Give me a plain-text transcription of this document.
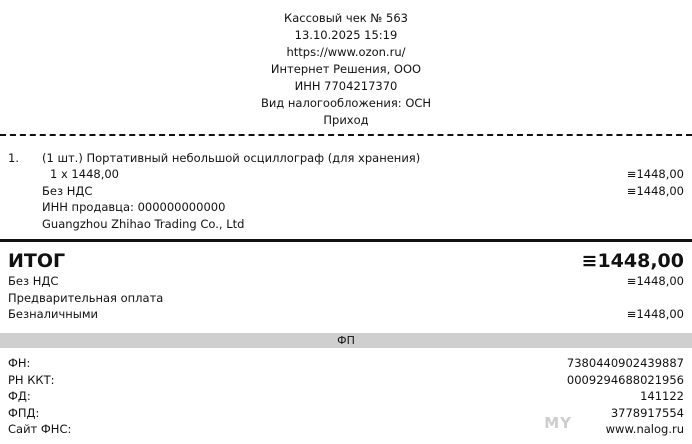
Кассовый чек № 563
13.10.2025 15:19
https://www.ozon.ru/
Интернет Решения, ООО
ИНН 7704217370
Вид налогообложения: ОСН
Приход
1. (1 шт.) Портативный небольшой осциллограф (для хранения)
1 x 1448,00	≡ 1448,00
Без НДС	≡ 1448,00
ИНН продавца: 000000000000
Guangzhou Zhihao Trading Co., Ltd
ИТОГ	≡ 1448,00
Без НДС	≡ 1448,00
Предварительная оплата
Безналичными	≡ 1448,00
ФП
ФН:	7380440902439887
РН ККТ:	0009294688021956
ФД:	141122
ФПД:	3778917554
Сайт ФНС:	www.nalog.ru
MY
